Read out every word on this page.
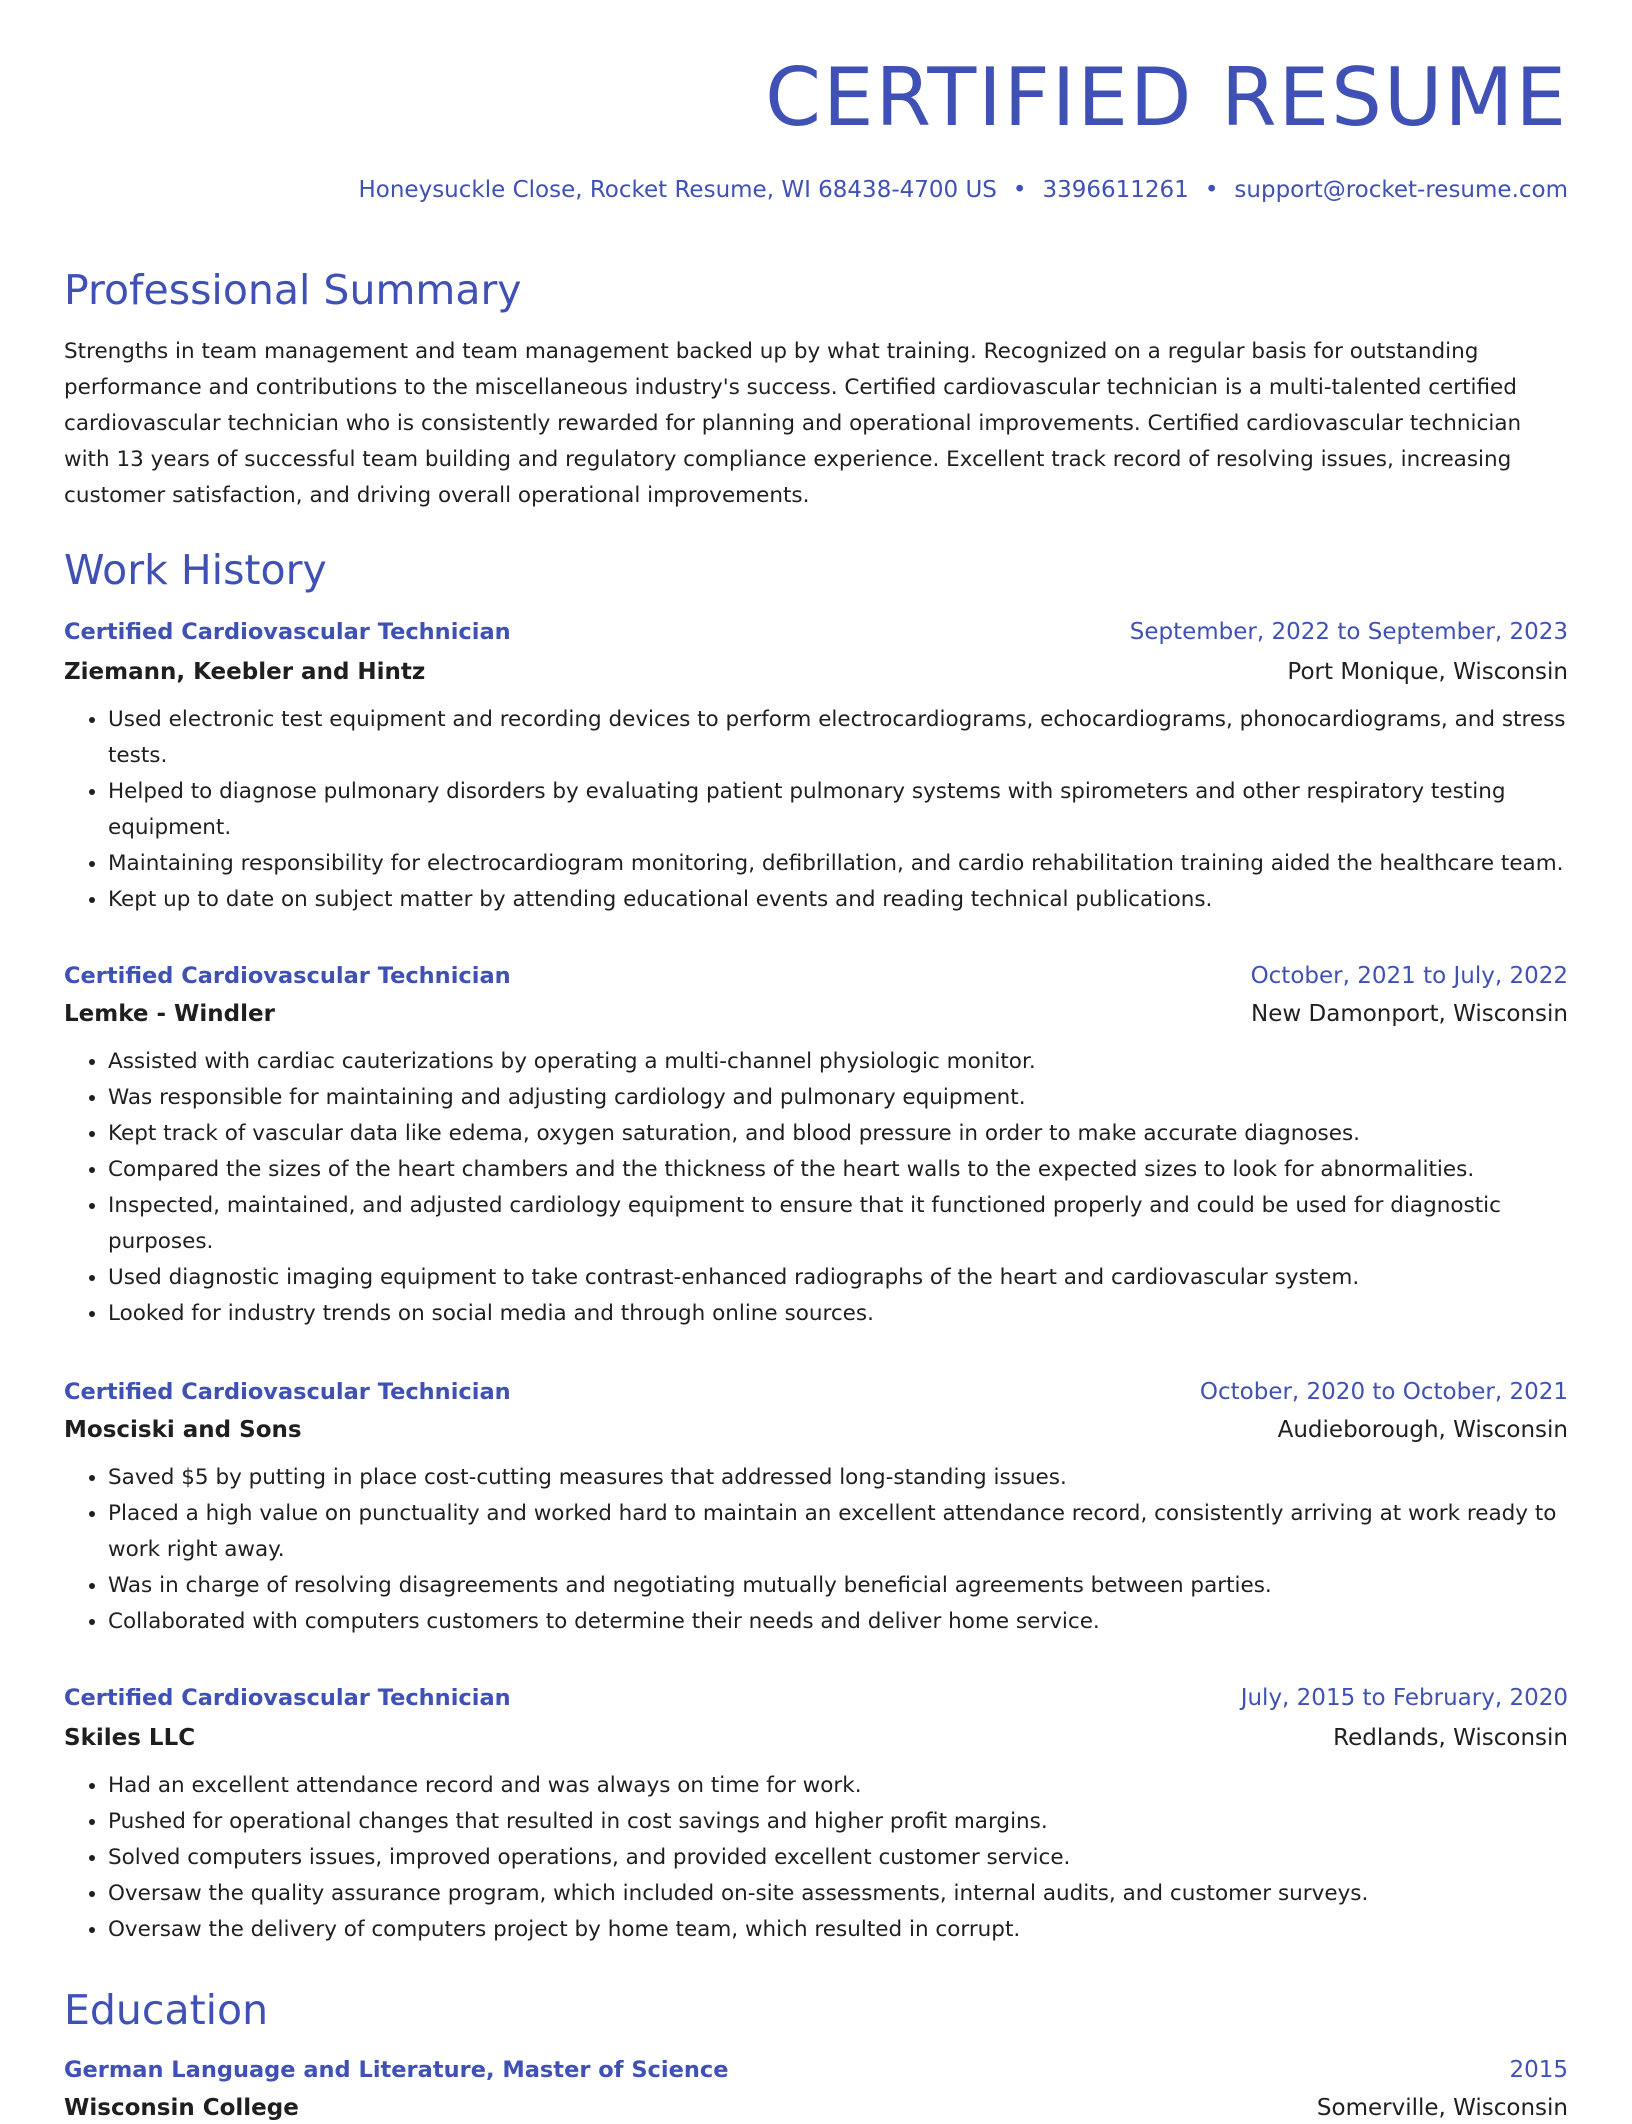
CERTIFIED RESUME
Honeysuckle Close, Rocket Resume, WI 68438-4700 US • 3396611261 • support@rocket-resume.com
Professional Summary
Strengths in team management and team management backed up by what training. Recognized on a regular basis for outstanding performance and contributions to the miscellaneous industry's success. Certified cardiovascular technician is a multi-talented certified cardiovascular technician who is consistently rewarded for planning and operational improvements. Certified cardiovascular technician with 13 years of successful team building and regulatory compliance experience. Excellent track record of resolving issues, increasing customer satisfaction, and driving overall operational improvements.
Work History
Certified Cardiovascular Technician	September, 2022 to September, 2023
Ziemann, Keebler and Hintz	Port Monique, Wisconsin
• Used electronic test equipment and recording devices to perform electrocardiograms, echocardiograms, phonocardiograms, and stress tests.
• Helped to diagnose pulmonary disorders by evaluating patient pulmonary systems with spirometers and other respiratory testing equipment.
• Maintaining responsibility for electrocardiogram monitoring, defibrillation, and cardio rehabilitation training aided the healthcare team.
• Kept up to date on subject matter by attending educational events and reading technical publications.
Certified Cardiovascular Technician	October, 2021 to July, 2022
Lemke - Windler	New Damonport, Wisconsin
• Assisted with cardiac cauterizations by operating a multi-channel physiologic monitor.
• Was responsible for maintaining and adjusting cardiology and pulmonary equipment.
• Kept track of vascular data like edema, oxygen saturation, and blood pressure in order to make accurate diagnoses.
• Compared the sizes of the heart chambers and the thickness of the heart walls to the expected sizes to look for abnormalities.
• Inspected, maintained, and adjusted cardiology equipment to ensure that it functioned properly and could be used for diagnostic purposes.
• Used diagnostic imaging equipment to take contrast-enhanced radiographs of the heart and cardiovascular system.
• Looked for industry trends on social media and through online sources.
Certified Cardiovascular Technician	October, 2020 to October, 2021
Mosciski and Sons	Audieborough, Wisconsin
• Saved $5 by putting in place cost-cutting measures that addressed long-standing issues.
• Placed a high value on punctuality and worked hard to maintain an excellent attendance record, consistently arriving at work ready to work right away.
• Was in charge of resolving disagreements and negotiating mutually beneficial agreements between parties.
• Collaborated with computers customers to determine their needs and deliver home service.
Certified Cardiovascular Technician	July, 2015 to February, 2020
Skiles LLC	Redlands, Wisconsin
• Had an excellent attendance record and was always on time for work.
• Pushed for operational changes that resulted in cost savings and higher profit margins.
• Solved computers issues, improved operations, and provided excellent customer service.
• Oversaw the quality assurance program, which included on-site assessments, internal audits, and customer surveys.
• Oversaw the delivery of computers project by home team, which resulted in corrupt.
Education
German Language and Literature, Master of Science	2015
Wisconsin College	Somerville, Wisconsin
